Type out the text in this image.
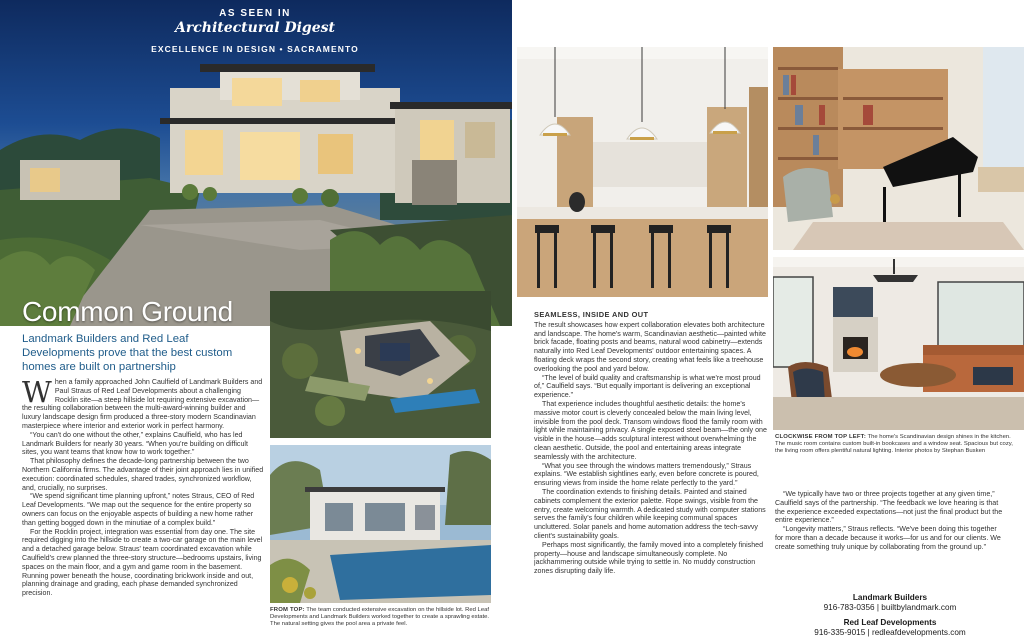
AS SEEN IN
Architectural Digest
EXCELLENCE IN DESIGN • SACRAMENTO
Common Ground
Landmark Builders and Red Leaf Developments prove that the best custom homes are built on partnership

When a family approached John Caulfield of Landmark Builders and Paul Straus of Red Leaf Developments about a challenging Rocklin site—a steep hillside lot requiring extensive excavation—the resulting collaboration between the multi-award-winning builder and luxury landscape design firm produced a three-story modern Scandinavian masterpiece where interior and exterior work in perfect harmony.

“You can't do one without the other,” explains Caulfield, who has led Landmark Builders for nearly 30 years. “When you're building on difficult sites, you want teams that know how to work together.”

That philosophy defines the decade-long partnership between the two Northern California firms. The advantage of their joint approach lies in unified execution: coordinated schedules, shared trades, synchronized workflow, and, crucially, no surprises.

“We spend significant time planning upfront,” notes Straus, CEO of Red Leaf Developments. “We map out the sequence for the entire property so owners can focus on the enjoyable aspects of building a new home rather than getting bogged down in the minutiae of a complex build.”

For the Rocklin project, integration was essential from day one. The site required digging into the hillside to create a two-car garage on the main level and a detached garage below. Straus' team coordinated excavation while Caulfield's crew planned the three-story structure—bedrooms upstairs, living spaces on the main floor, and a gym and game room in the basement. Running power beneath the house, coordinating brickwork inside and out, planning drainage and grading, each phase demanded synchronized precision.

FROM TOP: The team conducted extensive excavation on the hillside lot. Red Leaf Developments and Landmark Builders worked together to create a sprawling estate. The natural setting gives the pool area a private feel.
SEAMLESS, INSIDE AND OUT

The result showcases how expert collaboration elevates both architecture and landscape. The home's warm, Scandinavian aesthetic—painted white brick facade, floating posts and beams, natural wood cabinetry—extends naturally into Red Leaf Developments' outdoor entertaining spaces. A floating deck wraps the second story, creating what feels like a treehouse overlooking the pool and yard below.

“The level of build quality and craftsmanship is what we're most proud of,” Caulfield says. “But equally important is delivering an exceptional experience.”

That experience includes thoughtful aesthetic details: the home's massive motor court is cleverly concealed below the main living level, invisible from the pool deck. Transom windows flood the family room with light while maintaining privacy. A single exposed steel beam—the only one visible in the house—adds sculptural interest without overwhelming the clean aesthetic. Outside, the pool and entertaining areas integrate seamlessly with the architecture.

“What you see through the windows matters tremendously,” Straus explains. “We establish sightlines early, even before concrete is poured, ensuring views from inside the home relate perfectly to the yard.”

The coordination extends to finishing details. Painted and stained cabinets complement the exterior palette. Rope swings, visible from the entry, create welcoming warmth. A dedicated study with computer stations serves the family's four children while keeping communal spaces uncluttered. Solar panels and home automation address the tech-savvy client's sustainability goals.

Perhaps most significantly, the family moved into a completely finished property—house and landscape simultaneously complete. No jackhammering outside while trying to settle in. No muddy construction zones disrupting daily life.

CLOCKWISE FROM TOP LEFT: The home's Scandinavian design shines in the kitchen. The music room contains custom built-in bookcases and a window seat. Spacious but cozy, the living room offers plentiful natural lighting. Interior photos by Stephan Busken

“We typically have two or three projects together at any given time,” Caulfield says of the partnership. “The feedback we love hearing is that the experience exceeded expectations—not just the final product but the entire experience.”

“Longevity matters,” Straus reflects. “We've been doing this together for more than a decade because it works—for us and for our clients. We create something truly unique by collaborating from the ground up.”

Landmark Builders
916-783-0356 | builtbylandmark.com
Red Leaf Developments
916-335-9015 | redleafdevelopments.com
